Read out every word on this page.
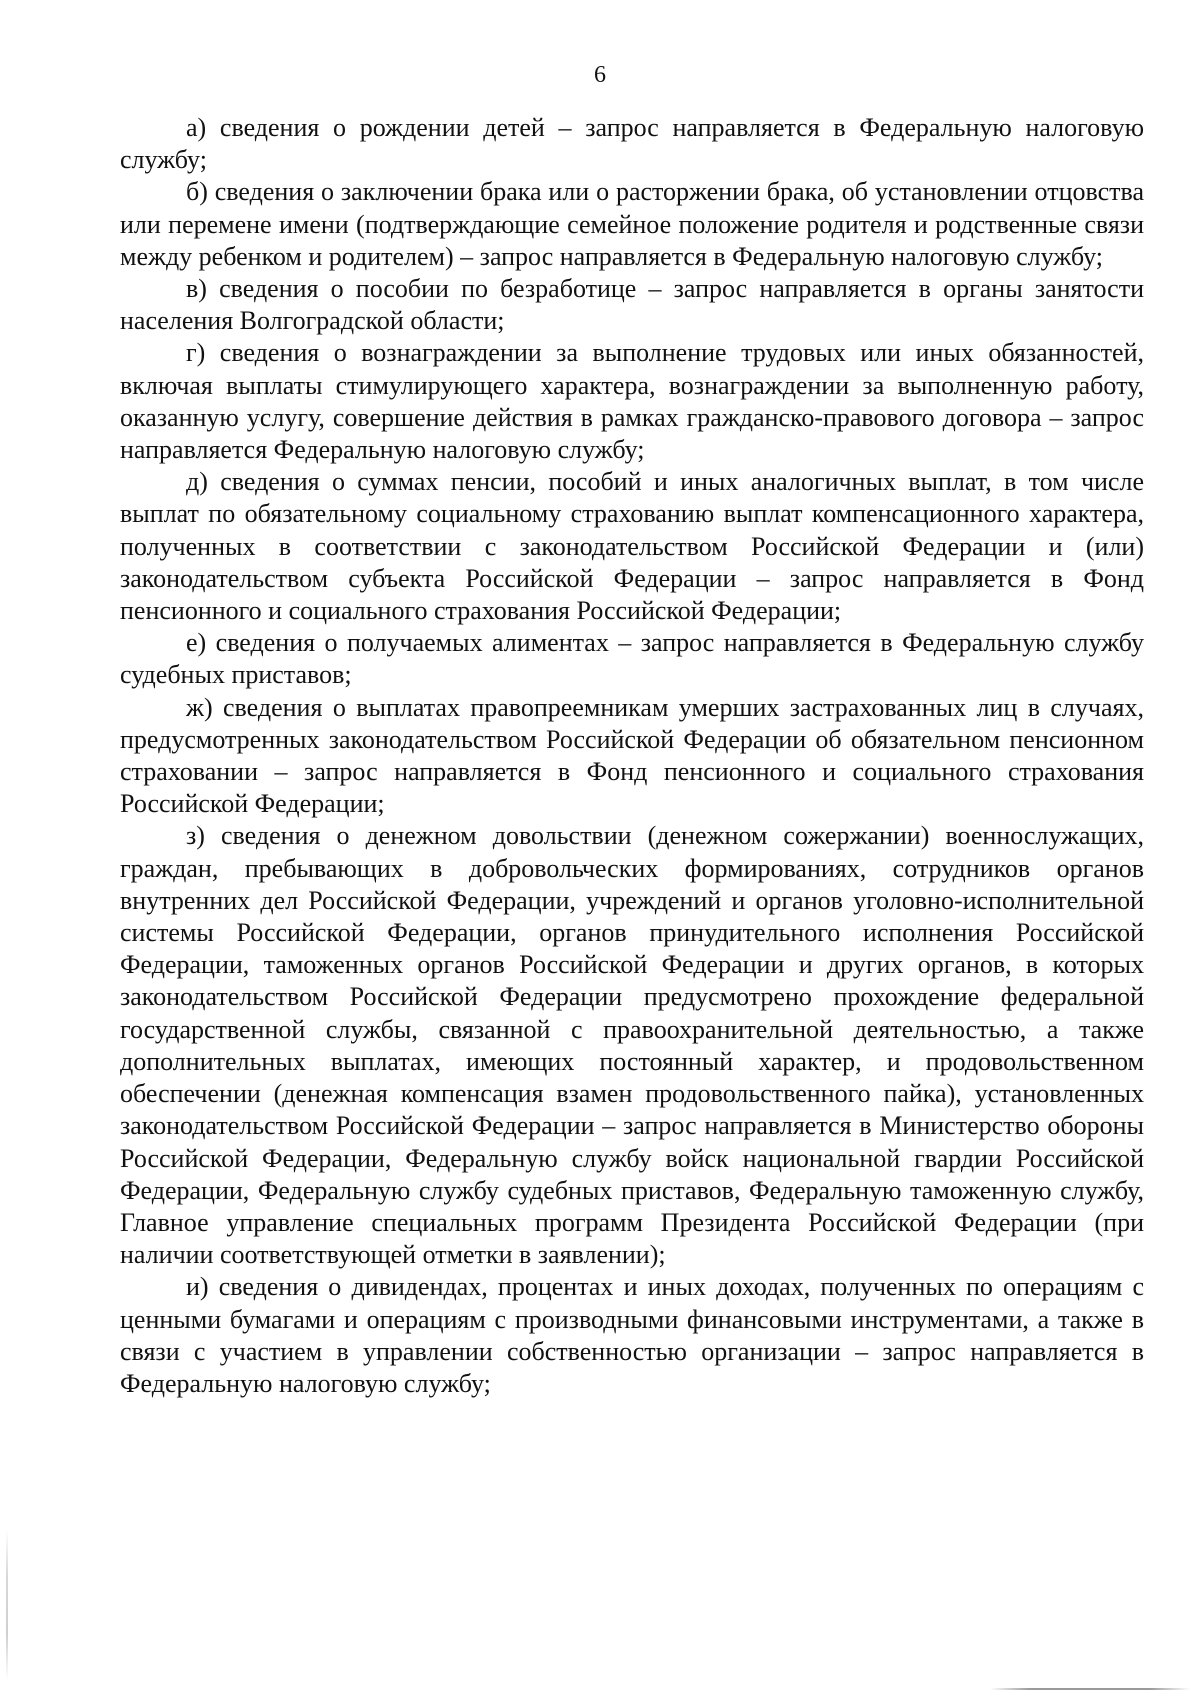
6

а) сведения о рождении детей – запрос направляется в Федеральную налоговую службу;

б) сведения о заключении брака или о расторжении брака, об установлении отцовства или перемене имени (подтверждающие семейное положение родителя и родственные связи между ребенком и родителем) – запрос направляется в Федеральную налоговую службу;

в) сведения о пособии по безработице – запрос направляется в органы занятости населения Волгоградской области;

г) сведения о вознаграждении за выполнение трудовых или иных обязанностей, включая выплаты стимулирующего характера, вознаграждении за выполненную работу, оказанную услугу, совершение действия в рамках гражданско-правового договора – запрос направляется Федеральную налоговую службу;

д) сведения о суммах пенсии, пособий и иных аналогичных выплат, в том числе выплат по обязательному социальному страхованию выплат компенсационного характера, полученных в соответствии с законодательством Российской Федерации и (или) законодательством субъекта Российской Федерации – запрос направляется в Фонд пенсионного и социального страхования Российской Федерации;

е) сведения о получаемых алиментах – запрос направляется в Федеральную службу судебных приставов;

ж) сведения о выплатах правопреемникам умерших застрахованных лиц в случаях, предусмотренных законодательством Российской Федерации об обязательном пенсионном страховании – запрос направляется в Фонд пенсионного и социального страхования Российской Федерации;

з) сведения о денежном довольствии (денежном сожержании) военнослужащих, граждан, пребывающих в добровольческих формированиях, сотрудников органов внутренних дел Российской Федерации, учреждений и органов уголовно-исполнительной системы Российской Федерации, органов принудительного исполнения Российской Федерации, таможенных органов Российской Федерации и других органов, в которых законодательством Российской Федерации предусмотрено прохождение федеральной государственной службы, связанной с правоохранительной деятельностью, а также дополнительных выплатах, имеющих постоянный характер, и продовольственном обеспечении (денежная компенсация взамен продовольственного пайка), установленных законодательством Российской Федерации – запрос направляется в Министерство обороны Российской Федерации, Федеральную службу войск национальной гвардии Российской Федерации, Федеральную службу судебных приставов, Федеральную таможенную службу, Главное управление специальных программ Президента Российской Федерации (при наличии соответствующей отметки в заявлении);

и) сведения о дивидендах, процентах и иных доходах, полученных по операциям с ценными бумагами и операциям с производными финансовыми инструментами, а также в связи с участием в управлении собственностью организации – запрос направляется в Федеральную налоговую службу;
